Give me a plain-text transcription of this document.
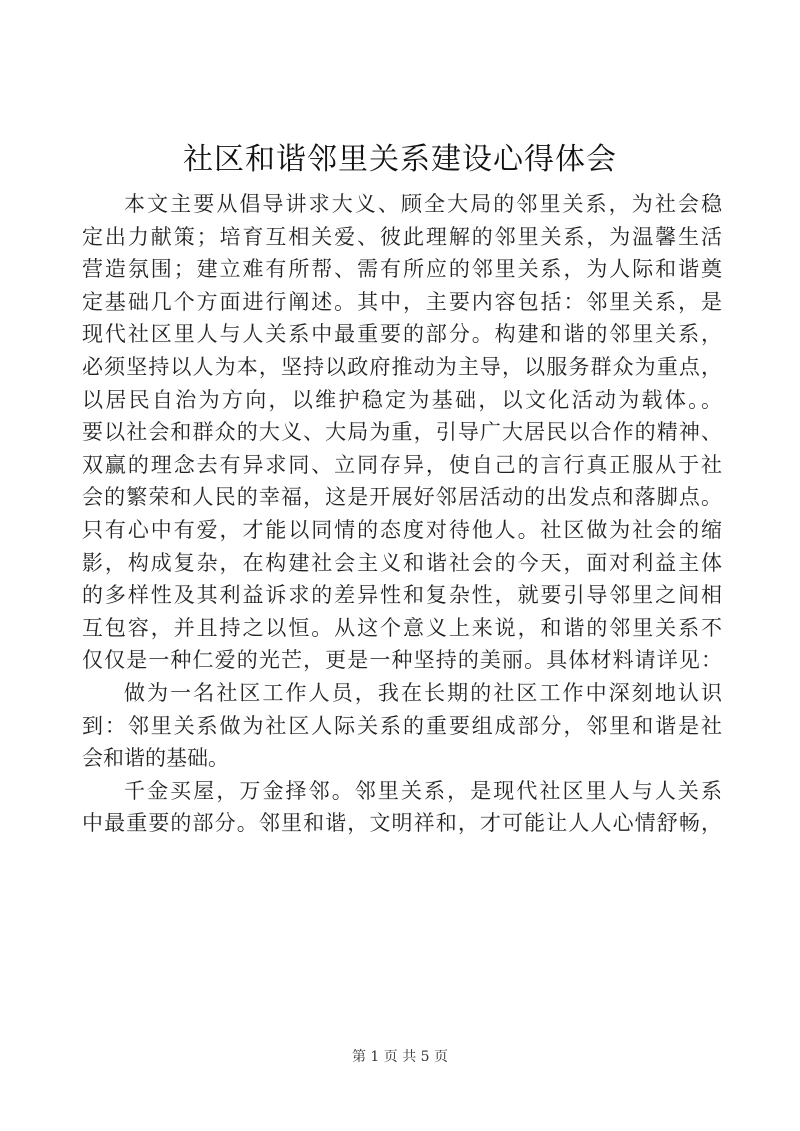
社区和谐邻里关系建设心得体会
本文主要从倡导讲求大义、顾全大局的邻里关系，为社会稳
定出力献策；培育互相关爱、彼此理解的邻里关系，为温馨生活
营造氛围；建立难有所帮、需有所应的邻里关系，为人际和谐奠
定基础几个方面进行阐述。其中，主要内容包括：邻里关系，是
现代社区里人与人关系中最重要的部分。构建和谐的邻里关系，
必须坚持以人为本，坚持以政府推动为主导，以服务群众为重点，
以居民自治为方向，以维护稳定为基础，以文化活动为载体。。
要以社会和群众的大义、大局为重，引导广大居民以合作的精神、
双赢的理念去有异求同、立同存异，使自己的言行真正服从于社
会的繁荣和人民的幸福，这是开展好邻居活动的出发点和落脚点。
只有心中有爱，才能以同情的态度对待他人。社区做为社会的缩
影，构成复杂，在构建社会主义和谐社会的今天，面对利益主体
的多样性及其利益诉求的差异性和复杂性，就要引导邻里之间相
互包容，并且持之以恒。从这个意义上来说，和谐的邻里关系不
仅仅是一种仁爱的光芒，更是一种坚持的美丽。具体材料请详见：
做为一名社区工作人员，我在长期的社区工作中深刻地认识
到：邻里关系做为社区人际关系的重要组成部分，邻里和谐是社
会和谐的基础。
千金买屋，万金择邻。邻里关系，是现代社区里人与人关系
中最重要的部分。邻里和谐，文明祥和，才可能让人人心情舒畅，
第 1 页 共 5 页
